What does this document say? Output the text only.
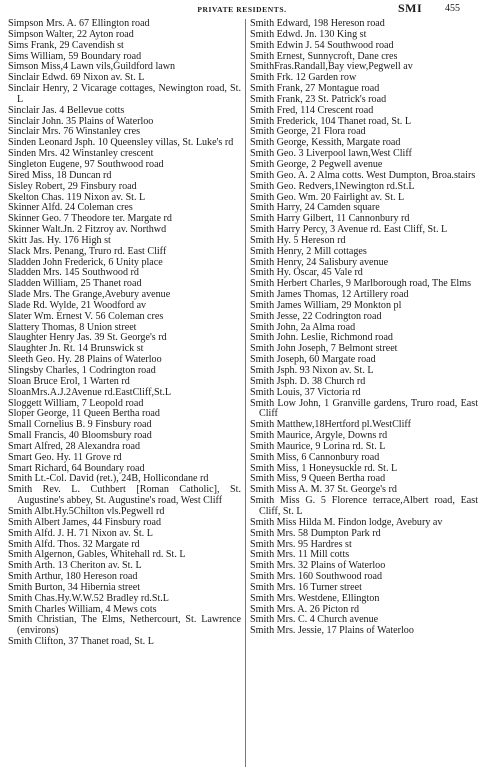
PRIVATE RESIDENTS.	SMI 455
Simpson Mrs. A. 67 Ellington road
Simpson Walter, 22 Ayton road
Sims Frank, 29 Cavendish st
Sims William, 59 Boundary road
Simson Miss,4 Lawn vils,Guildford lawn
Sinclair Edwd. 69 Nixon av. St. L
Sinclair Henry, 2 Vicarage cottages, Newington road, St. L
Sinclair Jas. 4 Bellevue cotts
Sinclair John. 35 Plains of Waterloo
Sinclair Mrs. 76 Winstanley cres
Sinden Leonard Jsph. 10 Queensley villas, St. Luke's rd
Sinden Mrs. 42 Winstanley crescent
Singleton Eugene, 97 Southwood road
Sired Miss, 18 Duncan rd
Sisley Robert, 29 Finsbury road
Skelton Chas. 119 Nixon av. St. L
Skinner Alfd. 24 Coleman cres
Skinner Geo. 7 Theodore ter. Margate rd
Skinner Walt.Jn. 2 Fitzroy av. Northwd
Skitt Jas. Hy. 176 High st
Slack Mrs. Penang, Truro rd. East Cliff
Sladden John Frederick, 6 Unity place
Sladden Mrs. 145 Southwood rd
Sladden William, 25 Thanet road
Slade Mrs. The Grange,Avebury avenue
Slade Rd. Wylde, 21 Woodford av
Slater Wm. Ernest V. 56 Coleman cres
Slattery Thomas, 8 Union street
Slaughter Henry Jas. 39 St. George's rd
Slaughter Jn. Rt. 14 Brunswick st
Sleeth Geo. Hy. 28 Plains of Waterloo
Slingsby Charles, 1 Codrington road
Sloan Bruce Erol, 1 Warten rd
SloanMrs.A.J.2Avenue rd.EastCliff,St.L
Sloggett William, 7 Leopold road
Sloper George, 11 Queen Bertha road
Small Cornelius B. 9 Finsbury road
Small Francis, 40 Bloomsbury road
Smart Alfred, 28 Alexandra road
Smart Geo. Hy. 11 Grove rd
Smart Richard, 64 Boundary road
Smith Lt.-Col. David (ret.), 24B, Hollicondane rd
Smith Rev. L. Cuthbert [Roman Catholic], St. Augustine's abbey, St. Augustine's road, West Cliff
Smith Albt.Hy.5Chilton vls.Pegwell rd
Smith Albert James, 44 Finsbury road
Smith Alfd. J. H. 71 Nixon av. St. L
Smith Alfd. Thos. 32 Margate rd
Smith Algernon, Gables, Whitehall rd. St. L
Smith Arth. 13 Cheriton av. St. L
Smith Arthur, 180 Hereson road
Smith Burton, 34 Hibernia street
Smith Chas.Hy.W.W.52 Bradley rd.St.L
Smith Charles William, 4 Mews cots
Smith Christian, The Elms, Nethercourt, St. Lawrence (environs)
Smith Clifton, 37 Thanet road, St. L
Smith Edward, 198 Hereson road
Smith Edwd. Jn. 130 King st
Smith Edwin J. 54 Southwood road
Smith Ernest, Sunnycroft, Dane cres
SmithFras.Randall,Bay view,Pegwell av
Smith Frk. 12 Garden row
Smith Frank, 27 Montague road
Smith Frank, 23 St. Patrick's road
Smith Fred, 114 Crescent road
Smith Frederick, 104 Thanet road, St. L
Smith George, 21 Flora road
Smith George, Kessith, Margate road
Smith Geo. 3 Liverpool lawn,West Cliff
Smith George, 2 Pegwell avenue
Smith Geo. A. 2 Alma cotts. West Dumpton, Broa.stairs
Smith Geo. Redvers,1Newington rd.St.L
Smith Geo. Wm. 20 Fairlight av. St. L
Smith Harry, 24 Camden square
Smith Harry Gilbert, 11 Cannonbury rd
Smith Harry Percy, 3 Avenue rd. East Cliff, St. L
Smith Hy. 5 Hereson rd
Smith Henry, 2 Mill cottages
Smith Henry, 24 Salisbury avenue
Smith Hy. Oscar, 45 Vale rd
Smith Herbert Charles, 9 Marlborough road, The Elms
Smith James Thomas, 12 Artillery road
Smith James William, 29 Monkton pl
Smith Jesse, 22 Codrington road
Smith John, 2a Alma road
Smith John. Leslie, Richmond road
Smith John Joseph, 7 Belmont street
Smith Joseph, 60 Margate road
Smith Jsph. 93 Nixon av. St. L
Smith Jsph. D. 38 Church rd
Smith Louis, 37 Victoria rd
Smith Low John, 1 Granville gardens, Truro road, East Cliff
Smith Matthew,18Hertford pl.WestCliff
Smith Maurice, Argyle, Downs rd
Smith Maurice, 9 Lorina rd. St. L
Smith Miss, 6 Cannonbury road
Smith Miss, 1 Honeysuckle rd. St. L
Smith Miss, 9 Queen Bertha road
Smith Miss A. M. 37 St. George's rd
Smith Miss G. 5 Florence terrace,Albert road, East Cliff, St. L
Smith Miss Hilda M. Findon lodge, Avebury av
Smith Mrs. 58 Dumpton Park rd
Smith Mrs. 95 Hardres st
Smith Mrs. 11 Mill cotts
Smith Mrs. 32 Plains of Waterloo
Smith Mrs. 160 Southwood road
Smith Mrs. 16 Turner street
Smith Mrs. Westdene, Ellington
Smith Mrs. A. 26 Picton rd
Smith Mrs. C. 4 Church avenue
Smith Mrs. Jessie, 17 Plains of Waterloo
